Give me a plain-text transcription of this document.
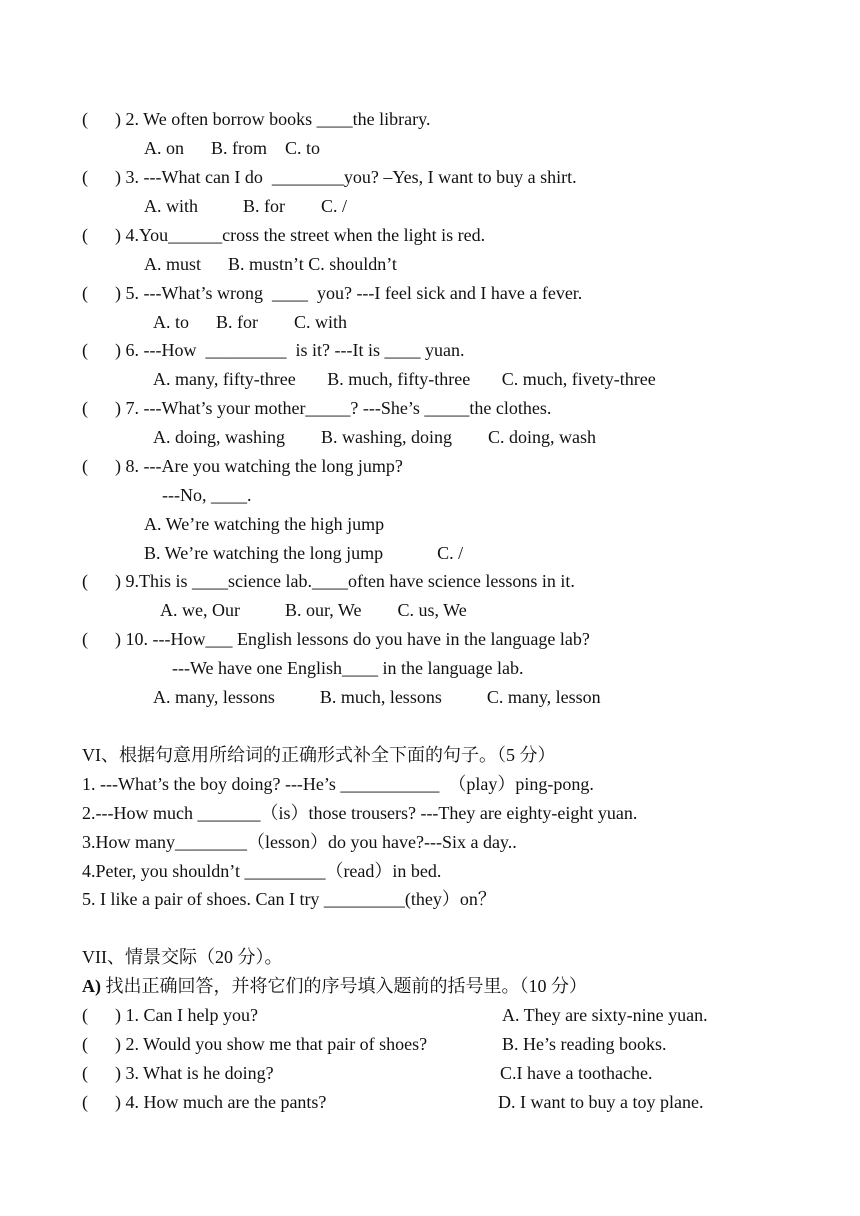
(      ) 2. We often borrow books ____the library.
A. on      B. from    C. to
(      ) 3. ---What can I do  ________you? –Yes, I want to buy a shirt.
A. with          B. for        C. /
(      ) 4.You______cross the street when the light is red.
A. must      B. mustn’t C. shouldn’t
(      ) 5. ---What’s wrong  ____  you? ---I feel sick and I have a fever.
A. to      B. for        C. with
(      ) 6. ---How  _________  is it? ---It is ____ yuan.
A. many, fifty-three       B. much, fifty-three       C. much, fivety-three
(      ) 7. ---What’s your mother_____? ---She’s _____the clothes.
A. doing, washing        B. washing, doing        C. doing, wash
(      ) 8. ---Are you watching the long jump?
---No, ____.
A. We’re watching the high jump
B. We’re watching the long jump            C. /
(      ) 9.This is ____science lab.____often have science lessons in it.
A. we, Our          B. our, We        C. us, We
(      ) 10. ---How___ English lessons do you have in the language lab?
---We have one English____ in the language lab.
A. many, lessons          B. much, lessons          C. many, lesson
VI、根据句意用所给词的正确形式补全下面的句子。（5 分）
1. ---What’s the boy doing? ---He’s ___________  （play）ping-pong.
2.---How much _______（is）those trousers? ---They are eighty-eight yuan.
3.How many________（lesson）do you have?---Six a day..
4.Peter, you shouldn’t _________（read）in bed.
5. I like a pair of shoes. Can I try _________(they）on？
VII、情景交际（20 分）。
A) 找出正确回答，并将它们的序号填入题前的括号里。（10 分）
(      ) 1. Can I help you?	A. They are sixty-nine yuan.
(      ) 2. Would you show me that pair of shoes?	B. He’s reading books.
(      ) 3. What is he doing?	C.I have a toothache.
(      ) 4. How much are the pants?	D. I want to buy a toy plane.
